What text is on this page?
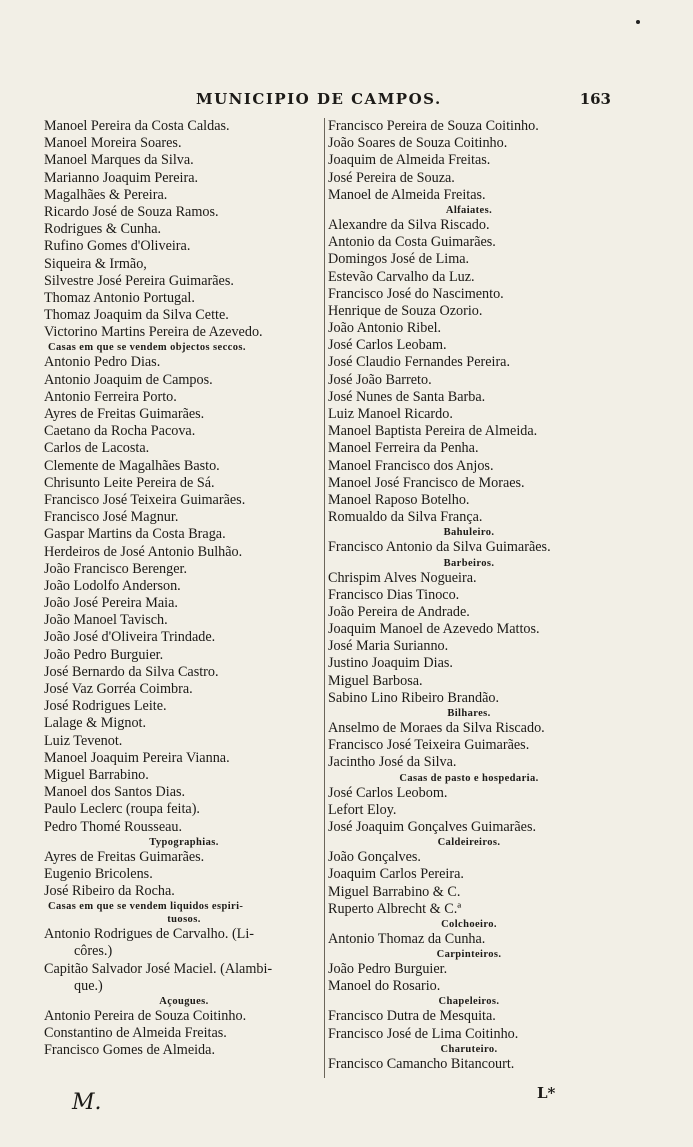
MUNICIPIO DE CAMPOS.	163
Manoel Pereira da Costa Caldas.
Manoel Moreira Soares.
Manoel Marques da Silva.
Marianno Joaquim Pereira.
Magalhães & Pereira.
Ricardo José de Souza Ramos.
Rodrigues & Cunha.
Rufino Gomes d'Oliveira.
Siqueira & Irmão,
Silvestre José Pereira Guimarães.
Thomaz Antonio Portugal.
Thomaz Joaquim da Silva Cette.
Victorino Martins Pereira de Azevedo.
Casas em que se vendem objectos seccos.
Antonio Pedro Dias.
Antonio Joaquim de Campos.
Antonio Ferreira Porto.
Ayres de Freitas Guimarães.
Caetano da Rocha Pacova.
Carlos de Lacosta.
Clemente de Magalhães Basto.
Chrisunto Leite Pereira de Sá.
Francisco José Teixeira Guimarães.
Francisco José Magnur.
Gaspar Martins da Costa Braga.
Herdeiros de José Antonio Bulhão.
João Francisco Berenger.
João Lodolfo Anderson.
João José Pereira Maia.
João Manoel Tavisch.
João José d'Oliveira Trindade.
João Pedro Burguier.
José Bernardo da Silva Castro.
José Vaz Gorréa Coimbra.
José Rodrigues Leite.
Lalage & Mignot.
Luiz Tevenot.
Manoel Joaquim Pereira Vianna.
Miguel Barrabino.
Manoel dos Santos Dias.
Paulo Leclerc (roupa feita).
Pedro Thomé Rousseau.
Typographias.
Ayres de Freitas Guimarães.
Eugenio Bricolens.
José Ribeiro da Rocha.
Casas em que se vendem liquidos espiri-
tuosos.
Antonio Rodrigues de Carvalho. (Li-
côres.)
Capitão Salvador José Maciel. (Alambi-
que.)
Açougues.
Antonio Pereira de Souza Coitinho.
Constantino de Almeida Freitas.
Francisco Gomes de Almeida.
Francisco Pereira de Souza Coitinho.
João Soares de Souza Coitinho.
Joaquim de Almeida Freitas.
José Pereira de Souza.
Manoel de Almeida Freitas.
Alfaiates.
Alexandre da Silva Riscado.
Antonio da Costa Guimarães.
Domingos José de Lima.
Estevão Carvalho da Luz.
Francisco José do Nascimento.
Henrique de Souza Ozorio.
João Antonio Ribel.
José Carlos Leobam.
José Claudio Fernandes Pereira.
José João Barreto.
José Nunes de Santa Barba.
Luiz Manoel Ricardo.
Manoel Baptista Pereira de Almeida.
Manoel Ferreira da Penha.
Manoel Francisco dos Anjos.
Manoel José Francisco de Moraes.
Manoel Raposo Botelho.
Romualdo da Silva França.
Bahuleiro.
Francisco Antonio da Silva Guimarães.
Barbeiros.
Chrispim Alves Nogueira.
Francisco Dias Tinoco.
João Pereira de Andrade.
Joaquim Manoel de Azevedo Mattos.
José Maria Surianno.
Justino Joaquim Dias.
Miguel Barbosa.
Sabino Lino Ribeiro Brandão.
Bilhares.
Anselmo de Moraes da Silva Riscado.
Francisco José Teixeira Guimarães.
Jacintho José da Silva.
Casas de pasto e hospedaria.
José Carlos Leobom.
Lefort Eloy.
José Joaquim Gonçalves Guimarães.
Caldeireiros.
João Gonçalves.
Joaquim Carlos Pereira.
Miguel Barrabino & C.
Ruperto Albrecht & C.ª
Colchoeiro.
Antonio Thomaz da Cunha.
Carpinteiros.
João Pedro Burguier.
Manoel do Rosario.
Chapeleiros.
Francisco Dutra de Mesquita.
Francisco José de Lima Coitinho.
Charuteiro.
Francisco Camancho Bitancourt.
M.	L*
